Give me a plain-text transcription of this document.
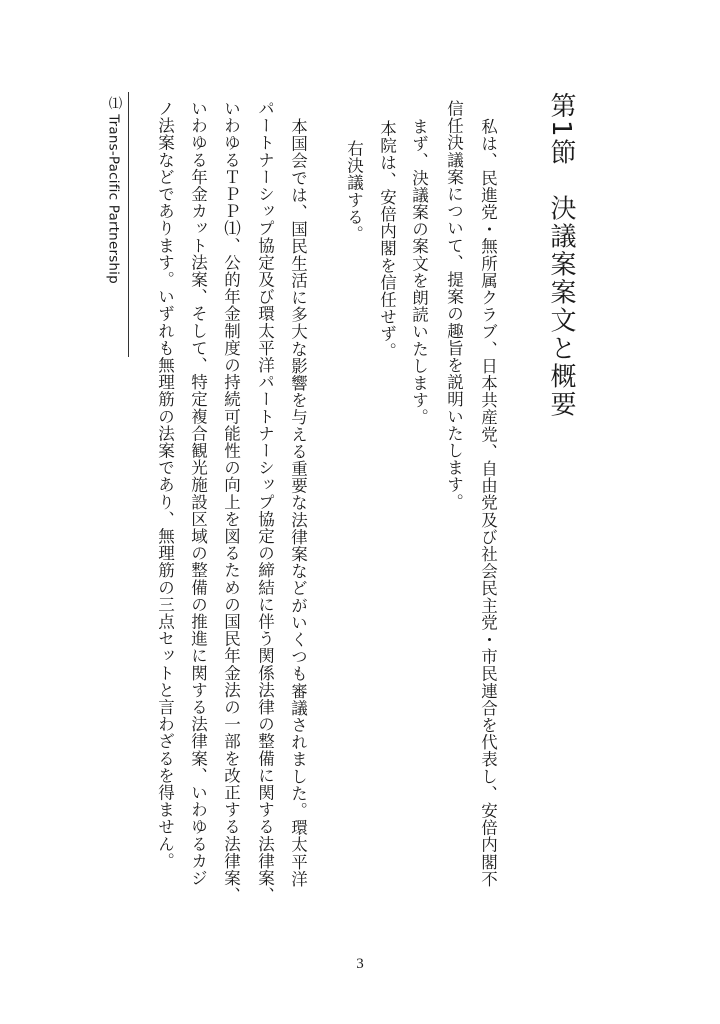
第1節　決議案案文と概要
私は、民進党・無所属クラブ、日本共産党、自由党及び社会民主党・市民連合を代表し、安倍内閣不
信任決議案について、提案の趣旨を説明いたします。
まず、決議案の案文を朗読いたします。
本院は、安倍内閣を信任せず。
右決議する。
本国会では、国民生活に多大な影響を与える重要な法律案などがいくつも審議されました。環太平洋
パートナーシップ協定及び環太平洋パートナーシップ協定の締結に伴う関係法律の整備に関する法律案、
いわゆるＴＰＰ⑴、公的年金制度の持続可能性の向上を図るための国民年金法の一部を改正する法律案、
いわゆる年金カット法案、そして、特定複合観光施設区域の整備の推進に関する法律案、いわゆるカジ
ノ法案などであります。いずれも無理筋の法案であり、無理筋の三点セットと言わざるを得ません。
⑴ Trans-Pacific Partnership
3
